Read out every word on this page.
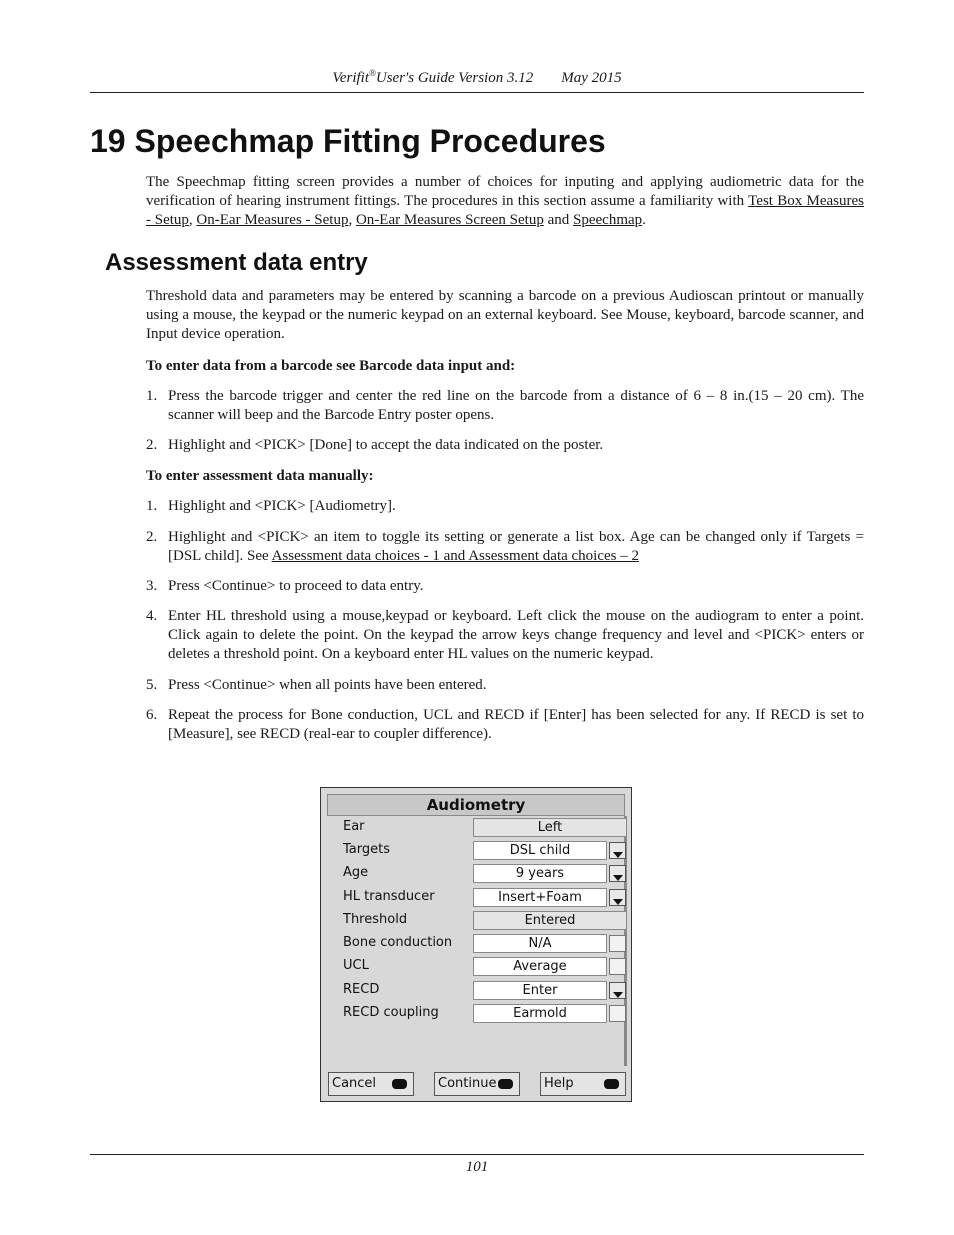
Verifit®User's Guide Version 3.12 May 2015
19 Speechmap Fitting Procedures

The Speechmap fitting screen provides a number of choices for inputing and applying audiometric data for the verification of hearing instrument fittings. The procedures in this section assume a familiarity with Test Box Measures - Setup, On-Ear Measures - Setup, On-Ear Measures Screen Setup and Speechmap.

Assessment data entry

Threshold data and parameters may be entered by scanning a barcode on a previous Audioscan printout or manually using a mouse, the keypad or the numeric keypad on an external keyboard. See Mouse, keyboard, barcode scanner, and Input device operation.

To enter data from a barcode see Barcode data input and:

1. Press the barcode trigger and center the red line on the barcode from a distance of 6 – 8 in.(15 – 20 cm). The scanner will beep and the Barcode Entry poster opens.
2. Highlight and <PICK> [Done] to accept the data indicated on the poster.

To enter assessment data manually:

1. Highlight and <PICK> [Audiometry].
2. Highlight and <PICK> an item to toggle its setting or generate a list box. Age can be changed only if Targets = [DSL child]. See Assessment data choices - 1 and Assessment data choices – 2
3. Press <Continue> to proceed to data entry.
4. Enter HL threshold using a mouse,keypad or keyboard. Left click the mouse on the audiogram to enter a point. Click again to delete the point. On the keypad the arrow keys change frequency and level and <PICK> enters or deletes a threshold point. On a keyboard enter HL values on the numeric keypad.
5. Press <Continue> when all points have been entered.
6. Repeat the process for Bone conduction, UCL and RECD if [Enter] has been selected for any. If RECD is set to [Measure], see RECD (real-ear to coupler difference).
Audiometry
Ear	Left
Targets	DSL child
Age	9 years
HL transducer	Insert+Foam
Threshold	Entered
Bone conduction	N/A
UCL	Average
RECD	Enter
RECD coupling	Earmold
Cancel	Continue	Help
101
